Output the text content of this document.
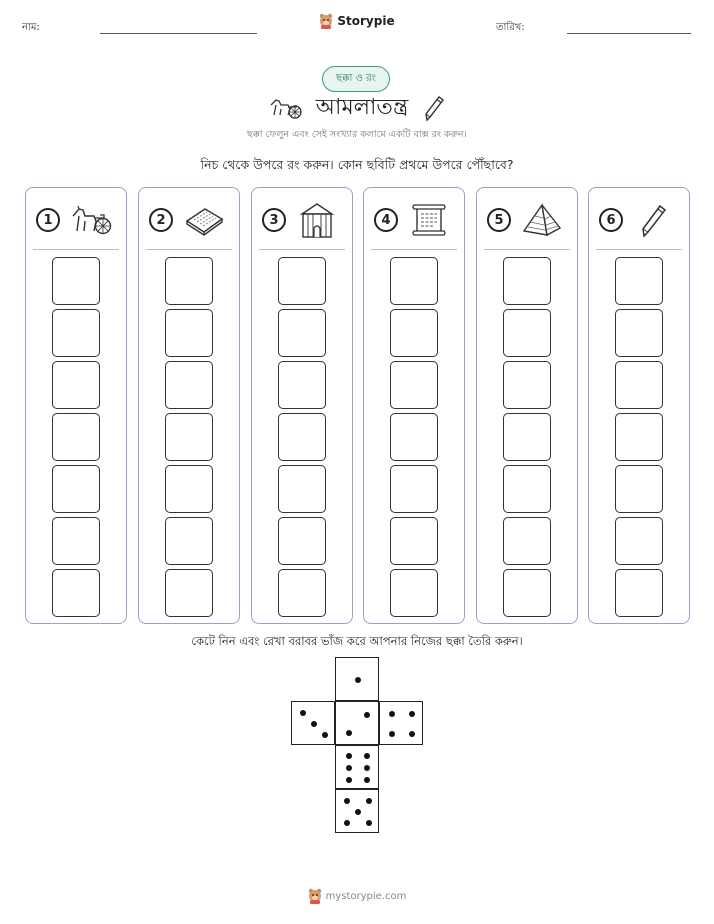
নাম:	Storypie	তারিখ:
ছক্কা ও রং
আমলাতন্ত্র
ছক্কা ফেলুন এবং সেই সংখ্যার কলামে একটি বাক্স রং করুন।
নিচ থেকে উপরে রং করুন। কোন ছবিটি প্রথমে উপরে পৌঁছাবে?
1	2	3	4	5	6
কেটে নিন এবং রেখা বরাবর ভাঁজ করে আপনার নিজের ছক্কা তৈরি করুন।
mystorypie.com
